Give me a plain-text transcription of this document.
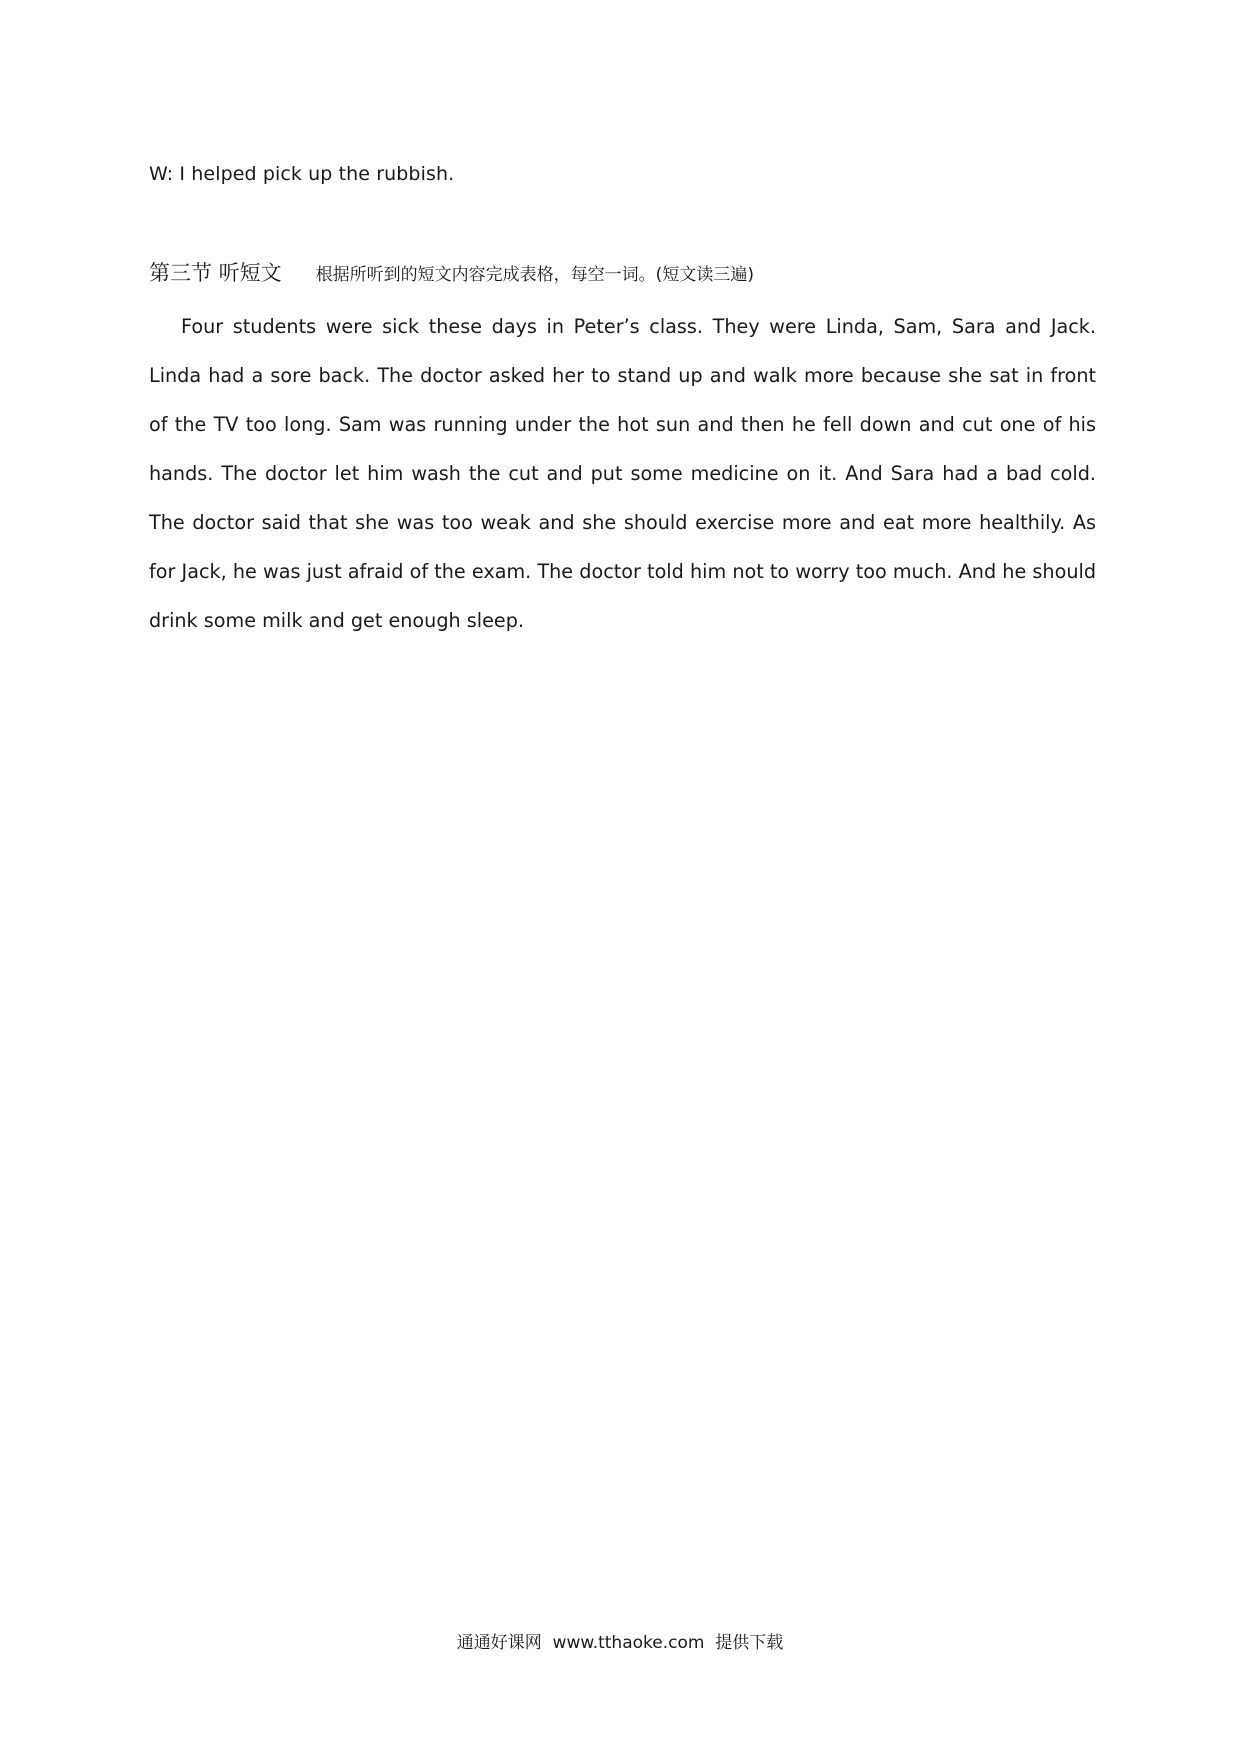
W: I helped pick up the rubbish.
第三节 听短文 根据所听到的短文内容完成表格，每空一词。(短文读三遍)

Four students were sick these days in Peter’s class. They were Linda, Sam, Sara and Jack. Linda had a sore back. The doctor asked her to stand up and walk more because she sat in front of the TV too long. Sam was running under the hot sun and then he fell down and cut one of his hands. The doctor let him wash the cut and put some medicine on it. And Sara had a bad cold. The doctor said that she was too weak and she should exercise more and eat more healthily. As for Jack, he was just afraid of the exam. The doctor told him not to worry too much. And he should drink some milk and get enough sleep.

通通好课网  www.tthaoke.com  提供下载
